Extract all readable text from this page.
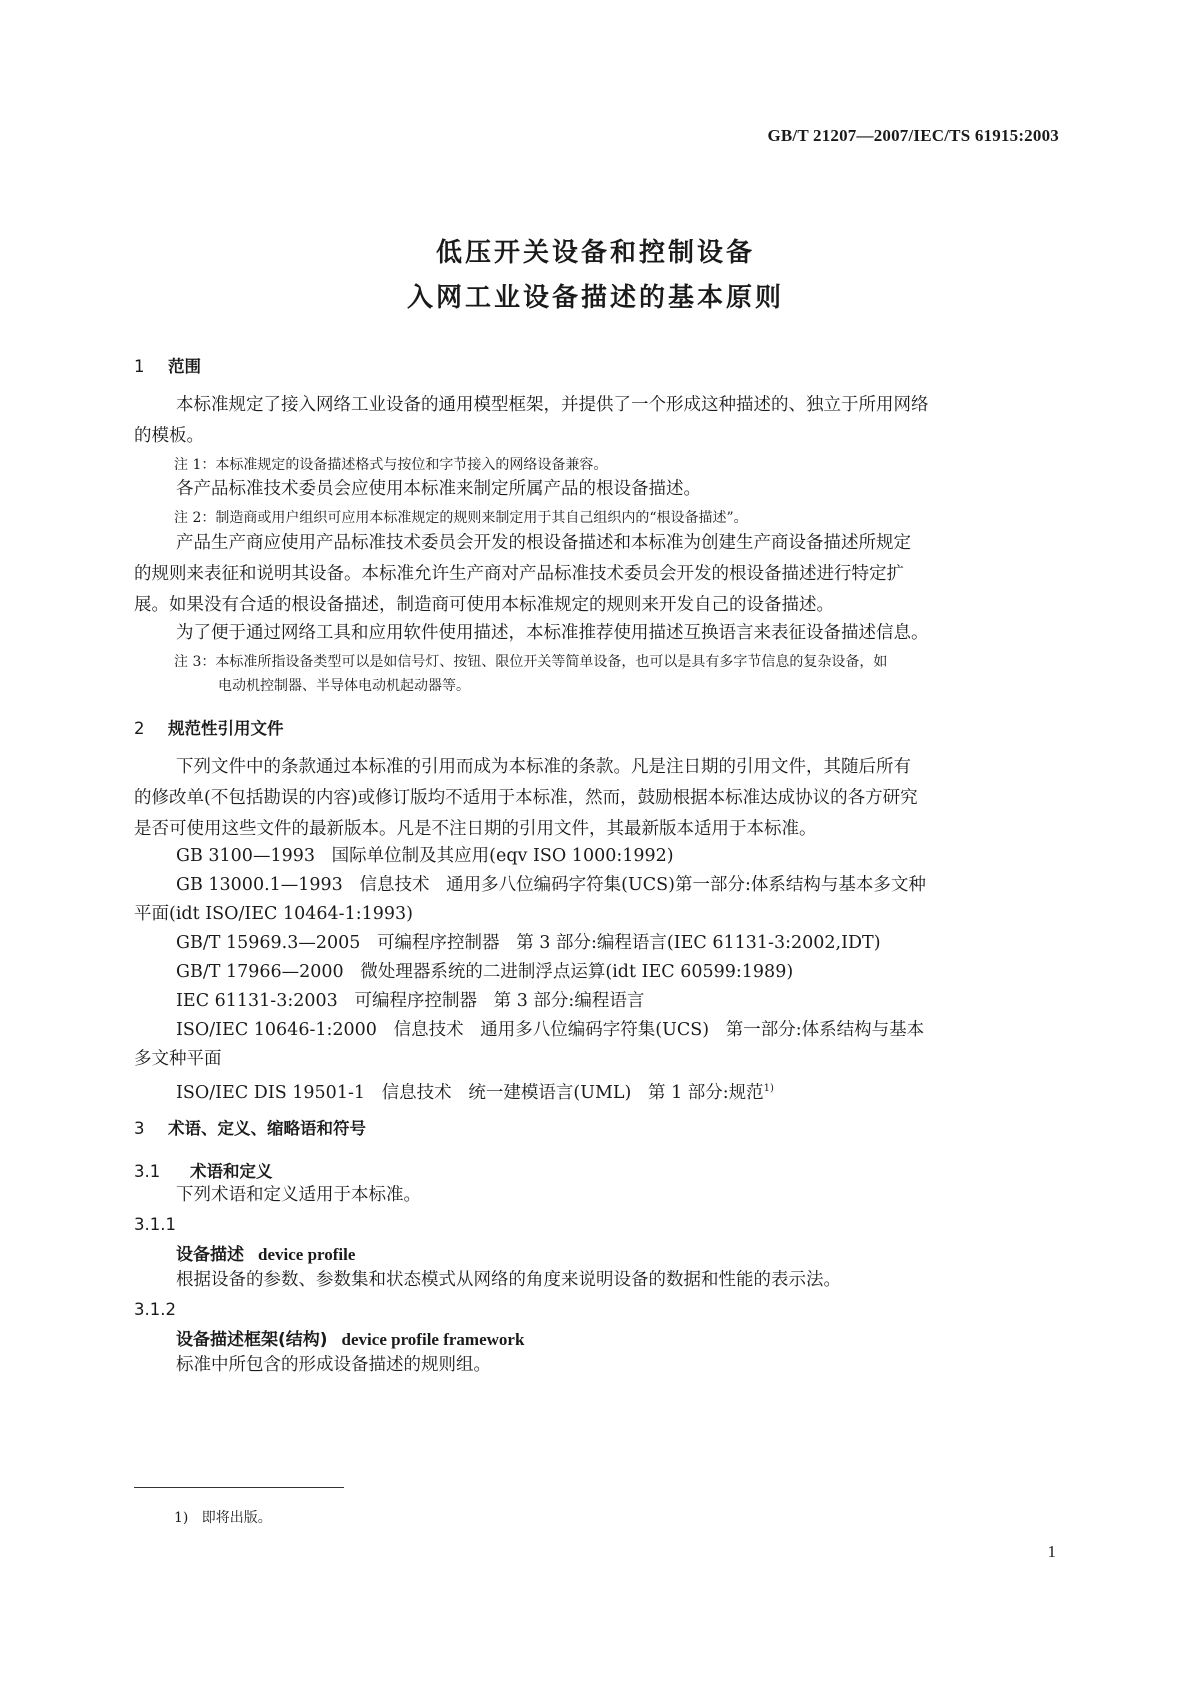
GB/T 21207—2007/IEC/TS 61915:2003
低压开关设备和控制设备
入网工业设备描述的基本原则
1 范围
本标准规定了接入网络工业设备的通用模型框架，并提供了一个形成这种描述的、独立于所用网络
的模板。
注 1：本标准规定的设备描述格式与按位和字节接入的网络设备兼容。
各产品标准技术委员会应使用本标准来制定所属产品的根设备描述。
注 2：制造商或用户组织可应用本标准规定的规则来制定用于其自己组织内的“根设备描述”。
产品生产商应使用产品标准技术委员会开发的根设备描述和本标准为创建生产商设备描述所规定
的规则来表征和说明其设备。本标准允许生产商对产品标准技术委员会开发的根设备描述进行特定扩
展。如果没有合适的根设备描述，制造商可使用本标准规定的规则来开发自己的设备描述。
为了便于通过网络工具和应用软件使用描述，本标准推荐使用描述互换语言来表征设备描述信息。
注 3：本标准所指设备类型可以是如信号灯、按钮、限位开关等简单设备，也可以是具有多字节信息的复杂设备，如
电动机控制器、半导体电动机起动器等。
2 规范性引用文件
下列文件中的条款通过本标准的引用而成为本标准的条款。凡是注日期的引用文件，其随后所有
的修改单(不包括勘误的内容)或修订版均不适用于本标准，然而，鼓励根据本标准达成协议的各方研究
是否可使用这些文件的最新版本。凡是不注日期的引用文件，其最新版本适用于本标准。
GB 3100—1993   国际单位制及其应用(eqv ISO 1000:1992)
GB 13000.1—1993   信息技术   通用多八位编码字符集(UCS)第一部分:体系结构与基本多文种
平面(idt ISO/IEC 10464-1:1993)
GB/T 15969.3—2005   可编程序控制器   第 3 部分:编程语言(IEC 61131-3:2002,IDT)
GB/T 17966—2000   微处理器系统的二进制浮点运算(idt IEC 60599:1989)
IEC 61131-3:2003   可编程序控制器   第 3 部分:编程语言
ISO/IEC 10646-1:2000   信息技术   通用多八位编码字符集(UCS)   第一部分:体系结构与基本
多文种平面
ISO/IEC DIS 19501-1   信息技术   统一建模语言(UML)   第 1 部分:规范$^{1)}$
3 术语、定义、缩略语和符号
3.1 术语和定义
下列术语和定义适用于本标准。
3.1.1
设备描述 device profile
根据设备的参数、参数集和状态模式从网络的角度来说明设备的数据和性能的表示法。
3.1.2
设备描述框架(结构) device profile framework
标准中所包含的形成设备描述的规则组。
1)   即将出版。
1
